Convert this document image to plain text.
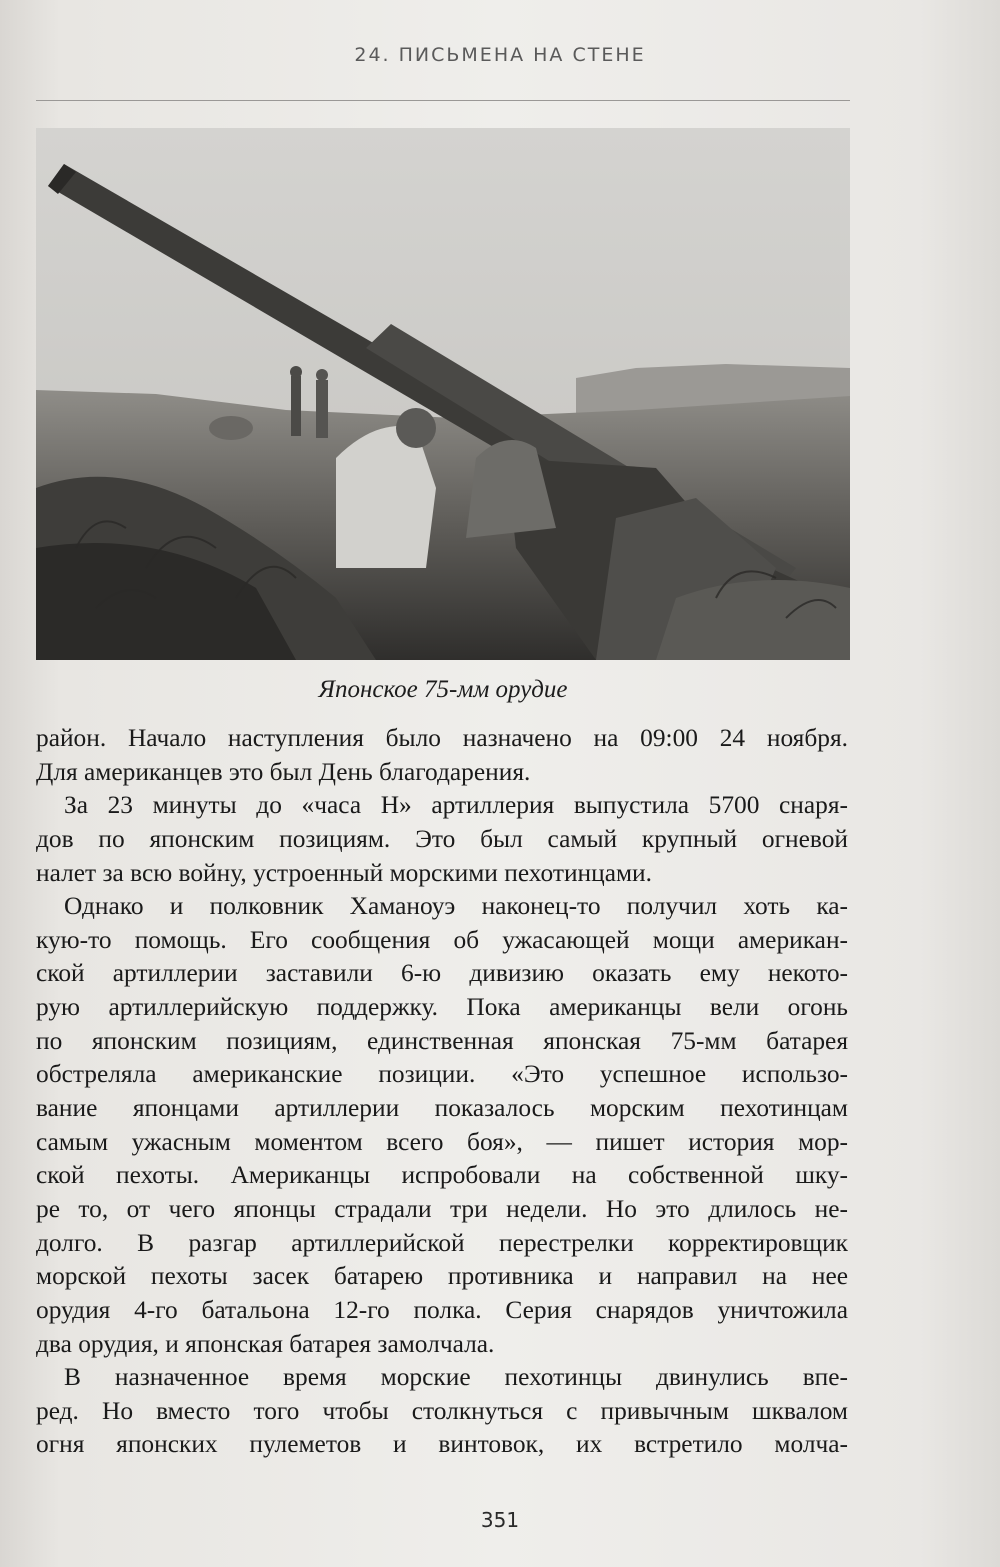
24. ПИСЬМЕНА НА СТЕНЕ
Японское 75-мм орудие
район. Начало наступления было назначено на 09:00 24 ноября.
Для американцев это был День благодарения.
За 23 минуты до «часа Н» артиллерия выпустила 5700 снаря-
дов по японским позициям. Это был самый крупный огневой
налет за всю войну, устроенный морскими пехотинцами.
Однако и полковник Хаманоуэ наконец-то получил хоть ка-
кую-то помощь. Его сообщения об ужасающей мощи американ-
ской артиллерии заставили 6-ю дивизию оказать ему некото-
рую артиллерийскую поддержку. Пока американцы вели огонь
по японским позициям, единственная японская 75-мм батарея
обстреляла американские позиции. «Это успешное использо-
вание японцами артиллерии показалось морским пехотинцам
самым ужасным моментом всего боя», — пишет история мор-
ской пехоты. Американцы испробовали на собственной шку-
ре то, от чего японцы страдали три недели. Но это длилось не-
долго. В разгар артиллерийской перестрелки корректировщик
морской пехоты засек батарею противника и направил на нее
орудия 4-го батальона 12-го полка. Серия снарядов уничтожила
два орудия, и японская батарея замолчала.
В назначенное время морские пехотинцы двинулись впе-
ред. Но вместо того чтобы столкнуться с привычным шквалом
огня японских пулеметов и винтовок, их встретило молча-
351
